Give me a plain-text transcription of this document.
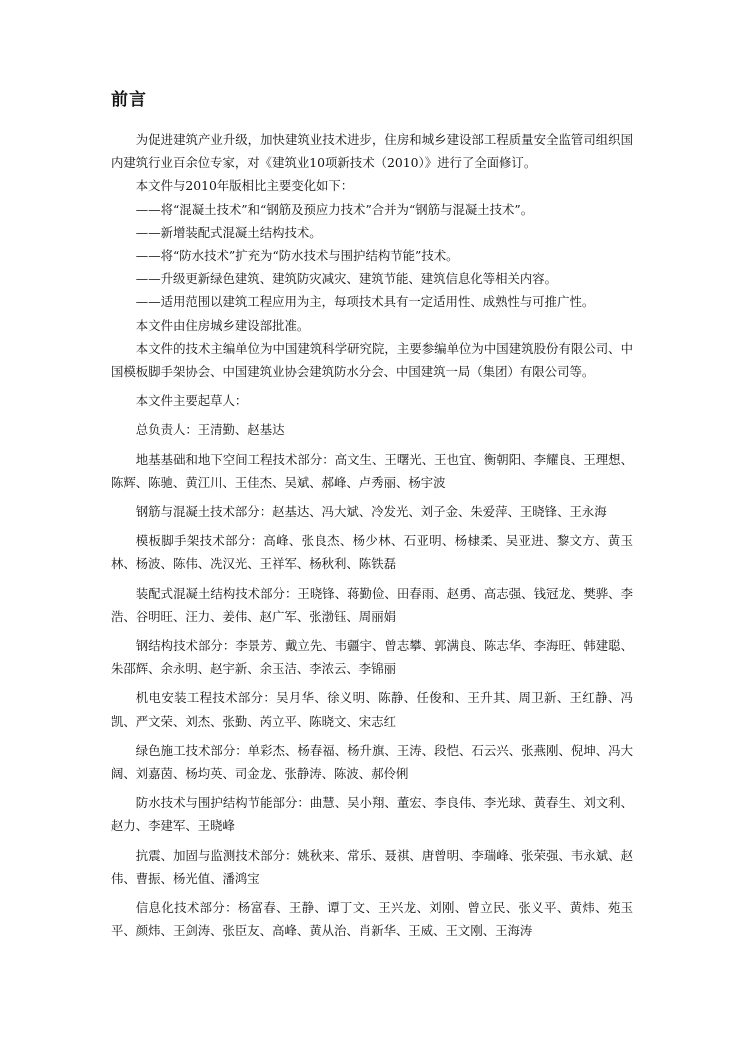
前言

为促进建筑产业升级，加快建筑业技术进步，住房和城乡建设部工程质量安全监管司组织国内建筑行业百余位专家，对《建筑业10项新技术（2010）》进行了全面修订。

本文件与2010年版相比主要变化如下：

——将“混凝土技术”和“钢筋及预应力技术”合并为“钢筋与混凝土技术”。

——新增装配式混凝土结构技术。

——将“防水技术”扩充为“防水技术与围护结构节能”技术。

——升级更新绿色建筑、建筑防灾减灾、建筑节能、建筑信息化等相关内容。

——适用范围以建筑工程应用为主，每项技术具有一定适用性、成熟性与可推广性。

本文件由住房城乡建设部批准。

本文件的技术主编单位为中国建筑科学研究院，主要参编单位为中国建筑股份有限公司、中国模板脚手架协会、中国建筑业协会建筑防水分会、中国建筑一局（集团）有限公司等。

本文件主要起草人：

总负责人：王清勤、赵基达

地基基础和地下空间工程技术部分：高文生、王曙光、王也宜、衡朝阳、李耀良、王理想、陈辉、陈驰、黄江川、王佳杰、吴斌、郝峰、卢秀丽、杨宇波

钢筋与混凝土技术部分：赵基达、冯大斌、冷发光、刘子金、朱爱萍、王晓锋、王永海

模板脚手架技术部分：高峰、张良杰、杨少林、石亚明、杨棣柔、吴亚进、黎文方、黄玉林、杨波、陈伟、冼汉光、王祥军、杨秋利、陈铁磊

装配式混凝土结构技术部分：王晓锋、蒋勤俭、田春雨、赵勇、高志强、钱冠龙、樊骅、李浩、谷明旺、汪力、姜伟、赵广军、张渤钰、周丽娟

钢结构技术部分：李景芳、戴立先、韦疆宇、曾志攀、郭满良、陈志华、李海旺、韩建聪、朱邵辉、余永明、赵宇新、余玉洁、李浓云、李锦丽

机电安装工程技术部分：吴月华、徐义明、陈静、任俊和、王升其、周卫新、王红静、冯凯、严文荣、刘杰、张勤、芮立平、陈晓文、宋志红

绿色施工技术部分：单彩杰、杨春福、杨升旗、王涛、段恺、石云兴、张燕刚、倪坤、冯大阔、刘嘉茵、杨均英、司金龙、张静涛、陈波、郝伶俐

防水技术与围护结构节能部分：曲慧、吴小翔、董宏、李良伟、李光球、黄春生、刘文利、赵力、李建军、王晓峰

抗震、加固与监测技术部分：姚秋来、常乐、聂祺、唐曾明、李瑞峰、张荣强、韦永斌、赵伟、曹振、杨光值、潘鸿宝

信息化技术部分：杨富春、王静、谭丁文、王兴龙、刘刚、曾立民、张义平、黄炜、苑玉平、颜炜、王剑涛、张臣友、高峰、黄从治、肖新华、王威、王文刚、王海涛
